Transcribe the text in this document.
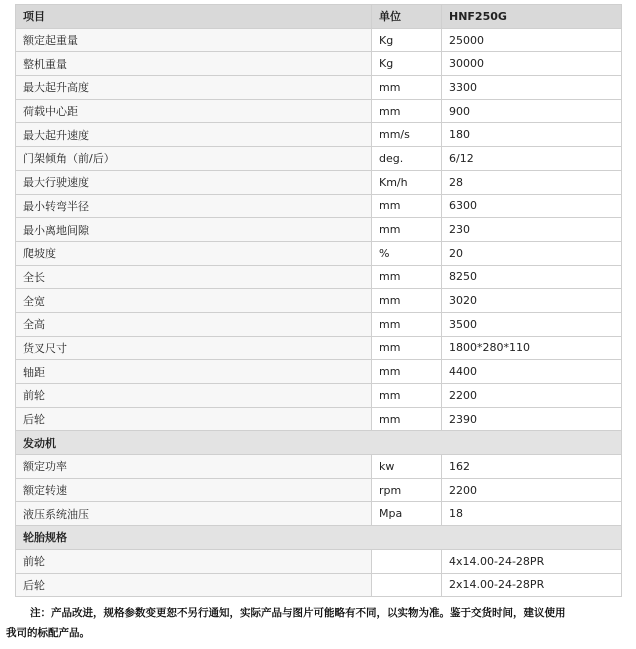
项目	单位	HNF250G
额定起重量	Kg	25000
整机重量	Kg	30000
最大起升高度	mm	3300
荷载中心距	mm	900
最大起升速度	mm/s	180
门架倾角（前/后）	deg.	6/12
最大行驶速度	Km/h	28
最小转弯半径	mm	6300
最小离地间隙	mm	230
爬坡度	%	20
全长	mm	8250
全宽	mm	3020
全高	mm	3500
货叉尺寸	mm	1800*280*110
轴距	mm	4400
前轮	mm	2200
后轮	mm	2390
发动机		
额定功率	kw	162
额定转速	rpm	2200
液压系统油压	Mpa	18
轮胎规格		
前轮		4x14.00-24-28PR
后轮		2x14.00-24-28PR
注：产品改进，规格参数变更恕不另行通知，实际产品与图片可能略有不同，以实物为准。鉴于交货时间，建议使用
我司的标配产品。
